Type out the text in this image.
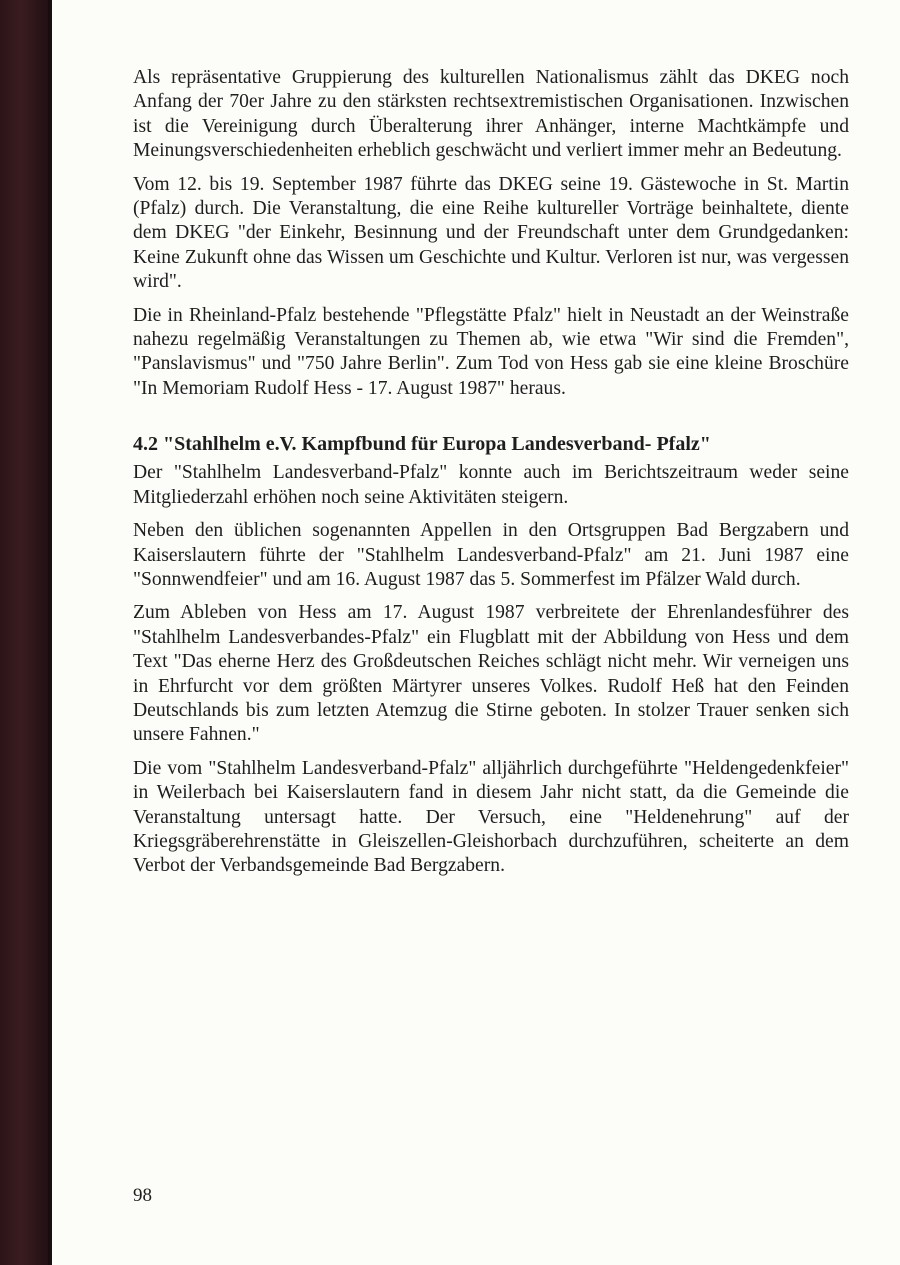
Als repräsentative Gruppierung des kulturellen Nationalismus zählt das DKEG noch Anfang der 70er Jahre zu den stärksten rechtsextremistischen Organisationen. Inzwischen ist die Vereinigung durch Überalterung ihrer Anhänger, interne Machtkämpfe und Meinungsverschiedenheiten erheblich geschwächt und verliert immer mehr an Bedeutung.

Vom 12. bis 19. September 1987 führte das DKEG seine 19. Gästewoche in St. Martin (Pfalz) durch. Die Veranstaltung, die eine Reihe kultureller Vorträge beinhaltete, diente dem DKEG "der Einkehr, Besinnung und der Freundschaft unter dem Grundgedanken: Keine Zukunft ohne das Wissen um Geschichte und Kultur. Verloren ist nur, was vergessen wird".

Die in Rheinland-Pfalz bestehende "Pflegstätte Pfalz" hielt in Neustadt an der Weinstraße nahezu regelmäßig Veranstaltungen zu Themen ab, wie etwa "Wir sind die Fremden", "Panslavismus" und "750 Jahre Berlin". Zum Tod von Hess gab sie eine kleine Broschüre "In Memoriam Rudolf Hess - 17. August 1987" heraus.

4.2 "Stahlhelm e.V. Kampfbund für Europa Landesverband- Pfalz"

Der "Stahlhelm Landesverband-Pfalz" konnte auch im Berichtszeitraum weder seine Mitgliederzahl erhöhen noch seine Aktivitäten steigern.

Neben den üblichen sogenannten Appellen in den Ortsgruppen Bad Bergzabern und Kaiserslautern führte der "Stahlhelm Landesverband-Pfalz" am 21. Juni 1987 eine "Sonnwendfeier" und am 16. August 1987 das 5. Sommerfest im Pfälzer Wald durch.

Zum Ableben von Hess am 17. August 1987 verbreitete der Ehrenlandesführer des "Stahlhelm Landesverbandes-Pfalz" ein Flugblatt mit der Abbildung von Hess und dem Text "Das eherne Herz des Großdeutschen Reiches schlägt nicht mehr. Wir verneigen uns in Ehrfurcht vor dem größten Märtyrer unseres Volkes. Rudolf Heß hat den Feinden Deutschlands bis zum letzten Atemzug die Stirne geboten. In stolzer Trauer senken sich unsere Fahnen."

Die vom "Stahlhelm Landesverband-Pfalz" alljährlich durchgeführte "Heldengedenkfeier" in Weilerbach bei Kaiserslautern fand in diesem Jahr nicht statt, da die Gemeinde die Veranstaltung untersagt hatte. Der Versuch, eine "Heldenehrung" auf der Kriegsgräberehrenstätte in Gleiszellen-Gleishorbach durchzuführen, scheiterte an dem Verbot der Verbandsgemeinde Bad Bergzabern.

98
